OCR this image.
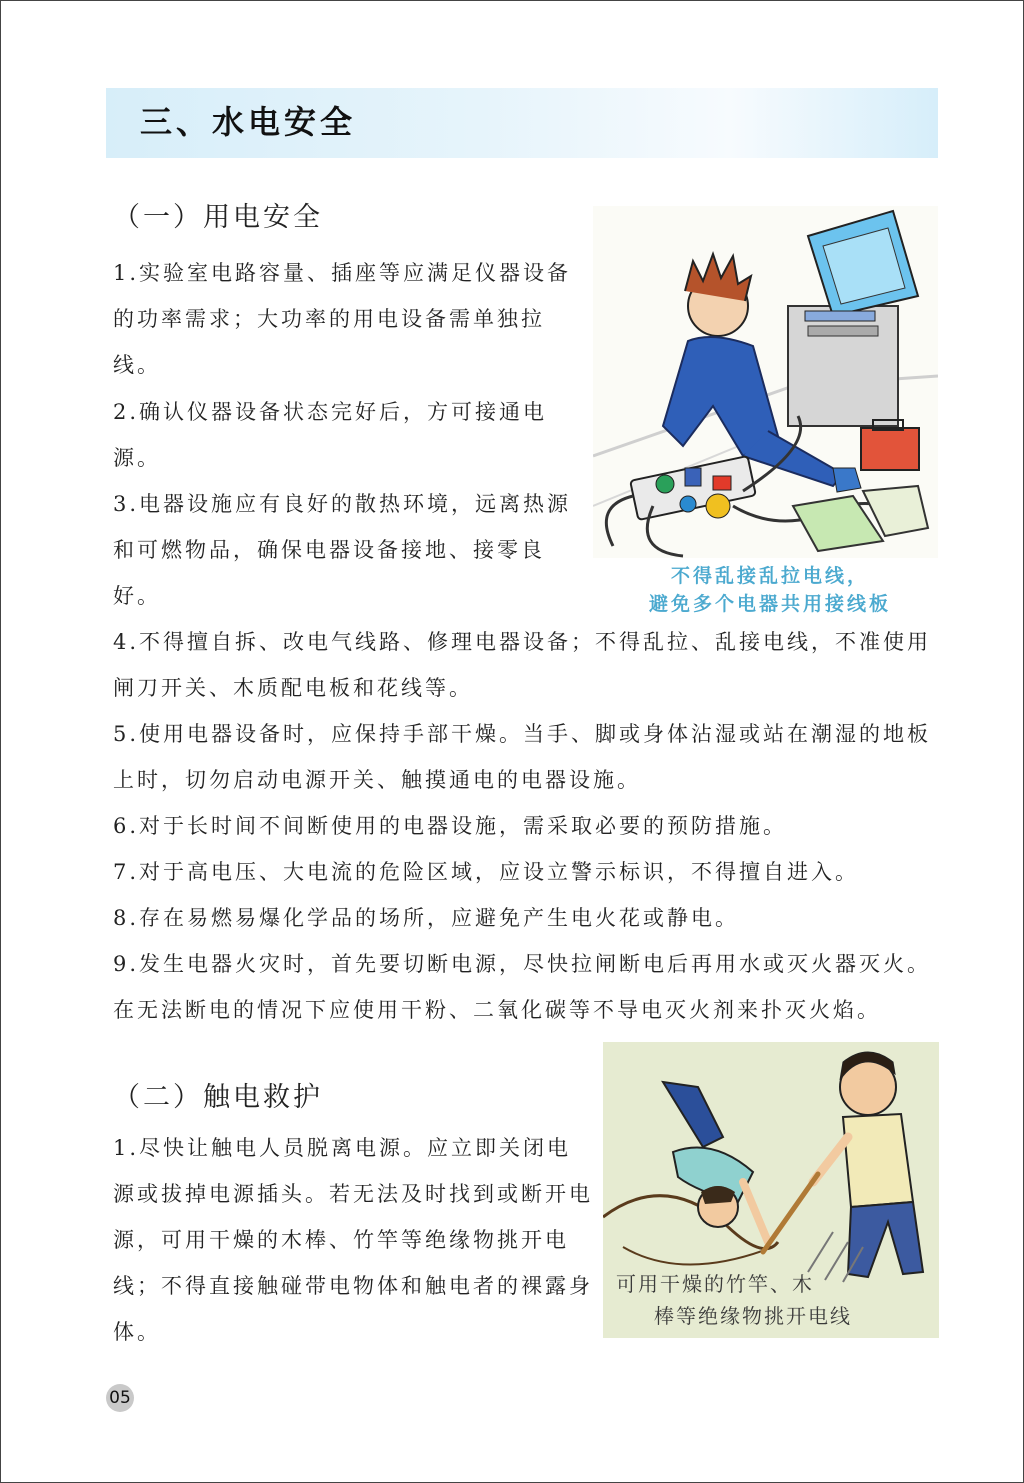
三、水电安全
（一）用电安全

1.实验室电路容量、插座等应满足仪器设备的功率需求；大功率的用电设备需单独拉线。

2.确认仪器设备状态完好后，方可接通电源。

3.电器设施应有良好的散热环境，远离热源和可燃物品，确保电器设备接地、接零良好。

4.不得擅自拆、改电气线路、修理电器设备；不得乱拉、乱接电线，不准使用闸刀开关、木质配电板和花线等。

5.使用电器设备时，应保持手部干燥。当手、脚或身体沾湿或站在潮湿的地板上时，切勿启动电源开关、触摸通电的电器设施。

6.对于长时间不间断使用的电器设施，需采取必要的预防措施。

7.对于高电压、大电流的危险区域，应设立警示标识，不得擅自进入。

8.存在易燃易爆化学品的场所，应避免产生电火花或静电。

9.发生电器火灾时，首先要切断电源，尽快拉闸断电后再用水或灭火器灭火。在无法断电的情况下应使用干粉、二氧化碳等不导电灭火剂来扑灭火焰。

（二）触电救护

1.尽快让触电人员脱离电源。应立即关闭电源或拔掉电源插头。若无法及时找到或断开电源，可用干燥的木棒、竹竿等绝缘物挑开电线；不得直接触碰带电物体和触电者的裸露身体。

不得乱接乱拉电线，
避免多个电器共用接线板
可用干燥的竹竿、木
棒等绝缘物挑开电线
05
